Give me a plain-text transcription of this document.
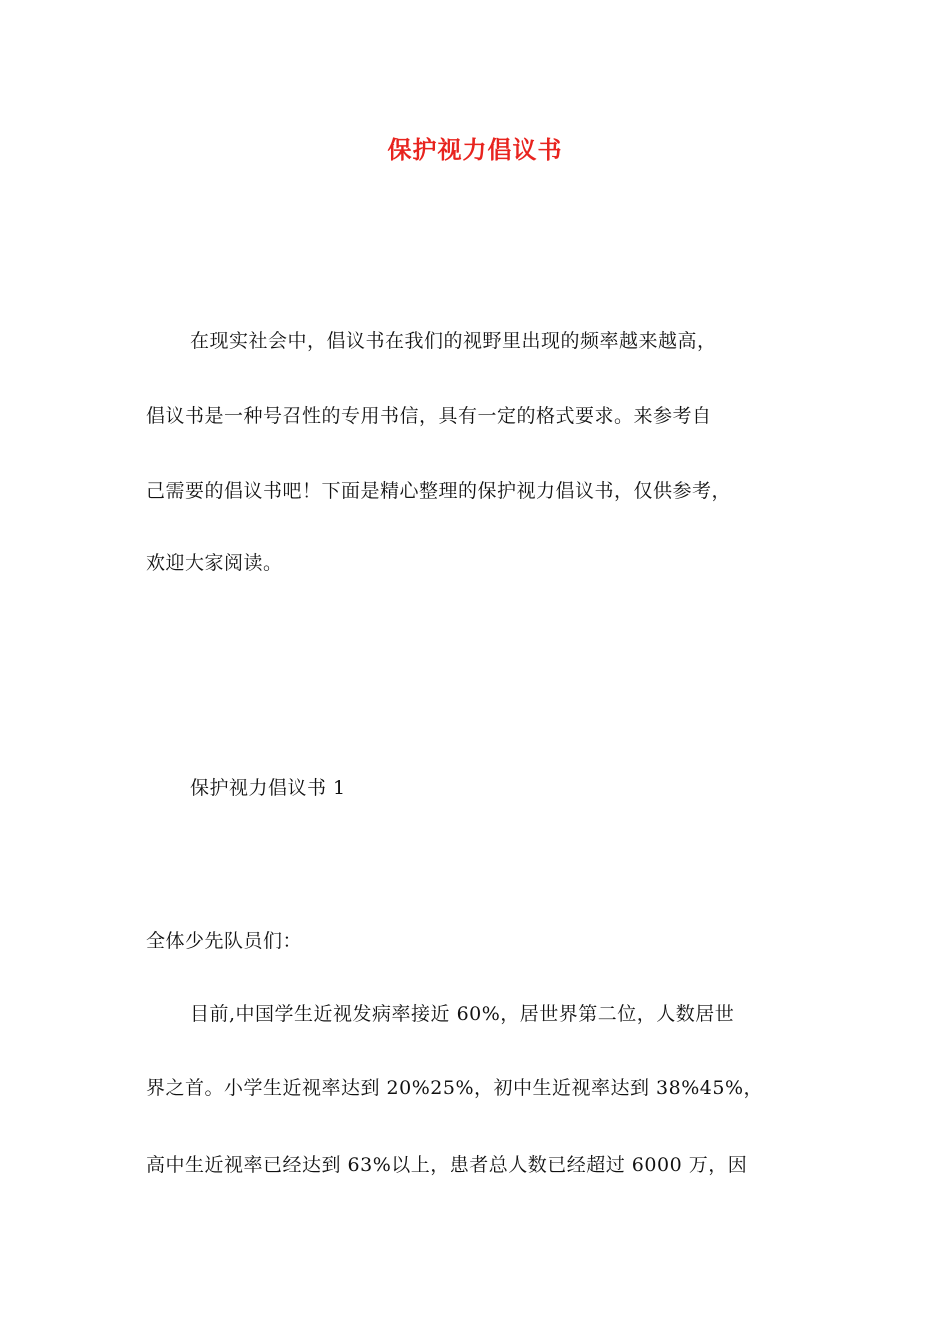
保护视力倡议书
在现实社会中，倡议书在我们的视野里出现的频率越来越高，
倡议书是一种号召性的专用书信，具有一定的格式要求。来参考自
己需要的倡议书吧！下面是精心整理的保护视力倡议书，仅供参考，
欢迎大家阅读。
保护视力倡议书 1
全体少先队员们：
目前,中国学生近视发病率接近 60%，居世界第二位，人数居世
界之首。小学生近视率达到 20%25%，初中生近视率达到 38%45%，
高中生近视率已经达到 63%以上，患者总人数已经超过 6000 万，因
